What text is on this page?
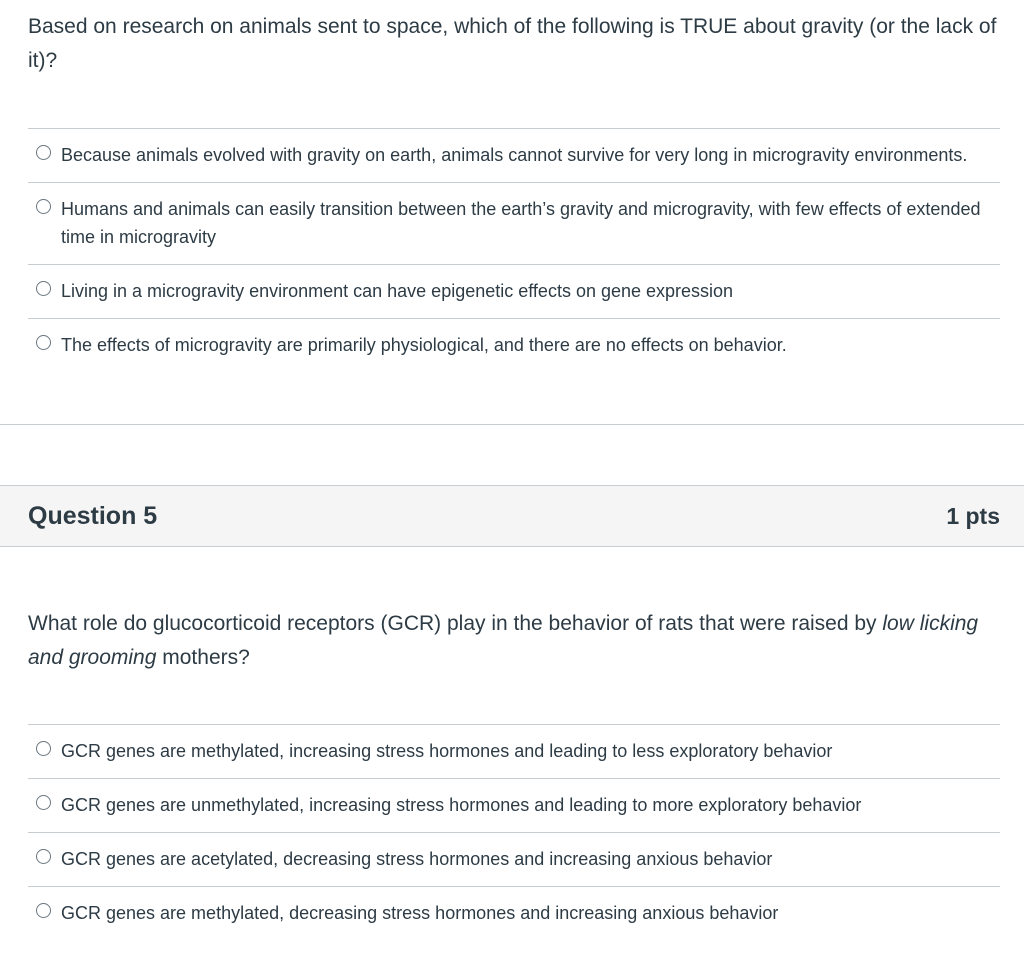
Based on research on animals sent to space, which of the following is TRUE about gravity (or the lack of it)?

Because animals evolved with gravity on earth, animals cannot survive for very long in microgravity environments.
Humans and animals can easily transition between the earth’s gravity and microgravity, with few effects of extended time in microgravity
Living in a microgravity environment can have epigenetic effects on gene expression
The effects of microgravity are primarily physiological, and there are no effects on behavior.
Question 5	1 pts

What role do glucocorticoid receptors (GCR) play in the behavior of rats that were raised by low licking and grooming mothers?

GCR genes are methylated, increasing stress hormones and leading to less exploratory behavior
GCR genes are unmethylated, increasing stress hormones and leading to more exploratory behavior
GCR genes are acetylated, decreasing stress hormones and increasing anxious behavior
GCR genes are methylated, decreasing stress hormones and increasing anxious behavior
